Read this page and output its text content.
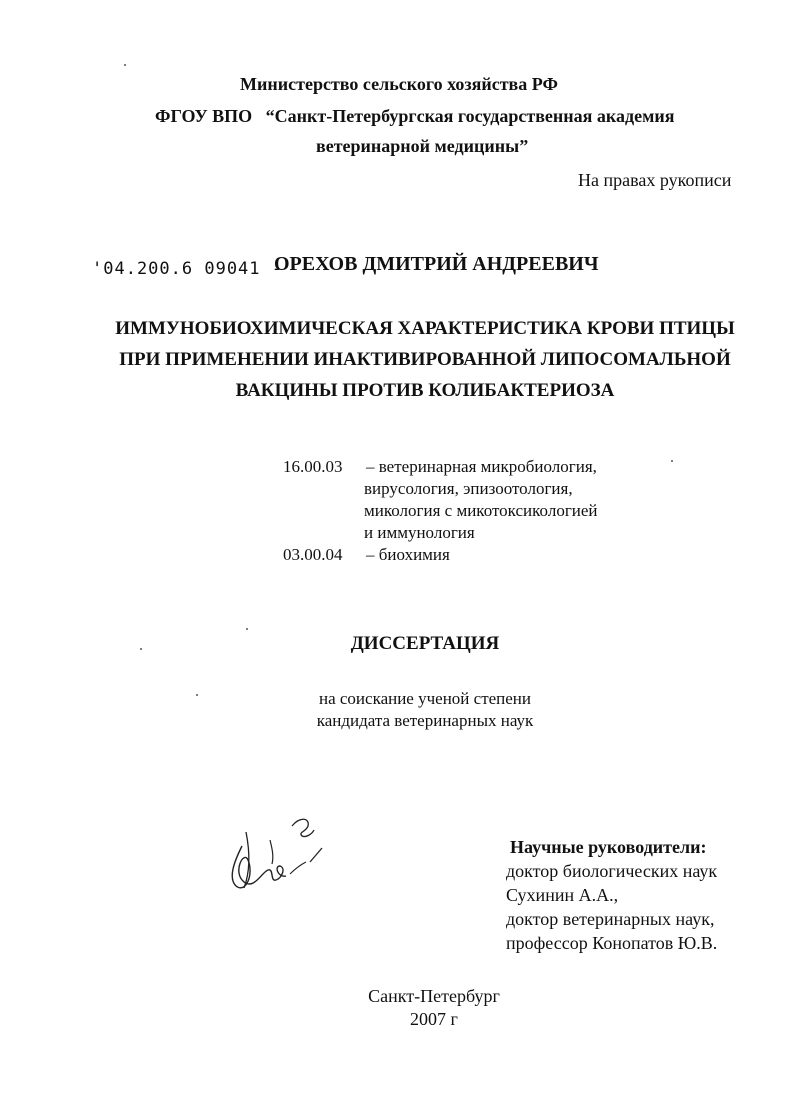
Министерство сельского хозяйства РФ
ФГОУ ВПО   “Санкт-Петербургская государственная академия
ветеринарной медицины”
На правах рукописи
'04.200.6 09041 -
ОРЕХОВ ДМИТРИЙ АНДРЕЕВИЧ
ИММУНОБИОХИМИЧЕСКАЯ ХАРАКТЕРИСТИКА КРОВИ ПТИЦЫ
ПРИ ПРИМЕНЕНИИ ИНАКТИВИРОВАННОЙ ЛИПОСОМАЛЬНОЙ
ВАКЦИНЫ ПРОТИВ КОЛИБАКТЕРИОЗА
16.00.03	– ветеринарная микробиология,
вирусология, эпизоотология,
микология с микотоксикологией
и иммунология
03.00.04	– биохимия
ДИССЕРТАЦИЯ
на соискание ученой степени
кандидата ветеринарных наук
Научные руководители:
доктор биологических наук
Сухинин А.А.,
доктор ветеринарных наук,
профессор Конопатов Ю.В.
Санкт-Петербург
2007 г
